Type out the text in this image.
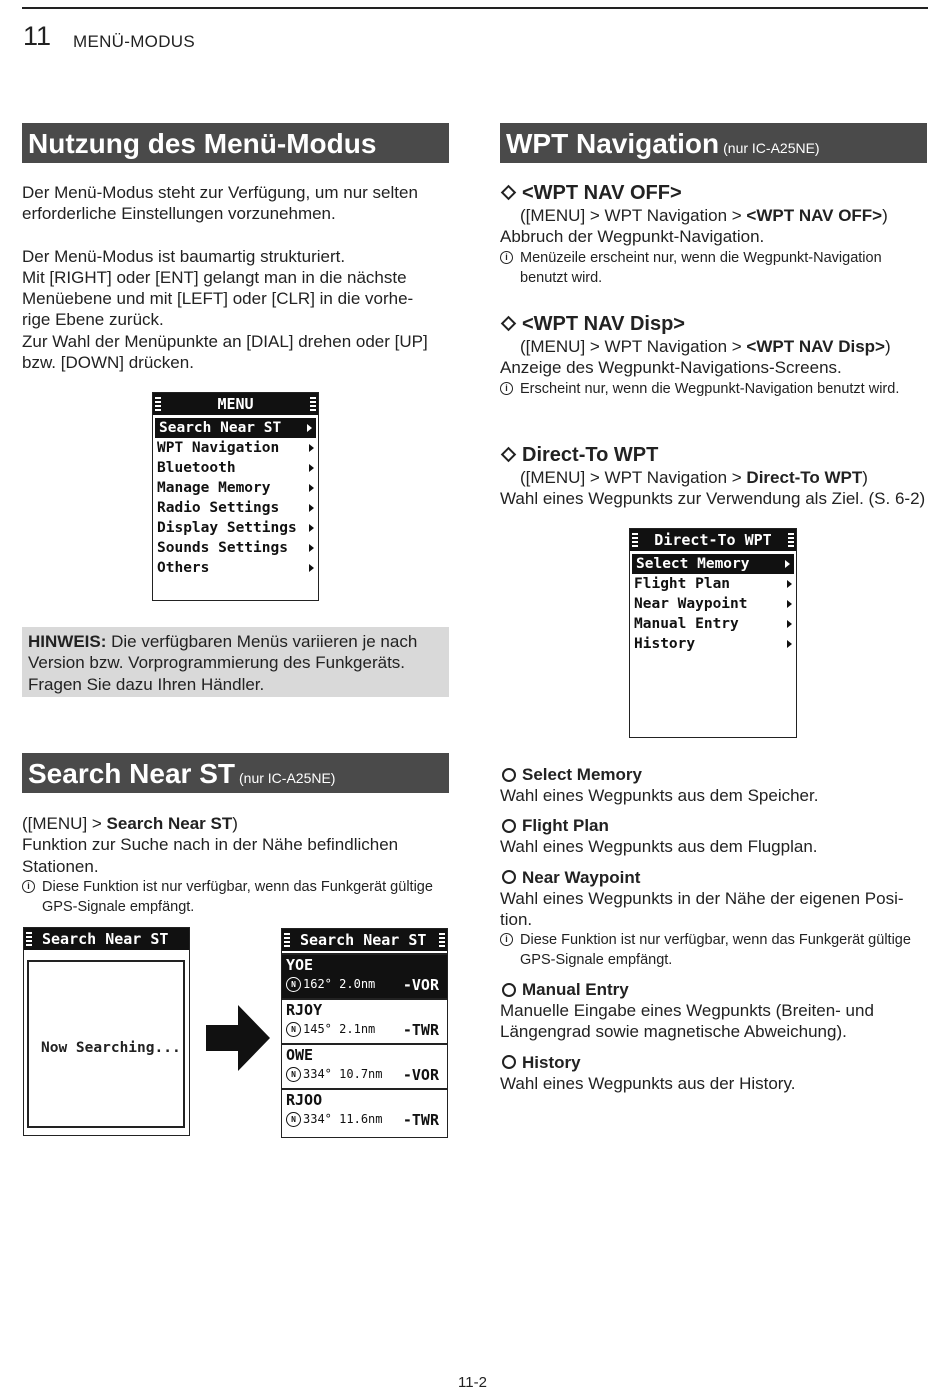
11 MENÜ-MODUS
Nutzung des Menü-Modus

Der Menü-Modus steht zur Verfügung, um nur selten erforderliche Einstellungen vorzunehmen.

Der Menü-Modus ist baumartig strukturiert.

Mit [RIGHT] oder [ENT] gelangt man in die nächste

Menüebene und mit [LEFT] oder [CLR] in die vorhe-

rige Ebene zurück.

Zur Wahl der Menüpunkte an [DIAL] drehen oder [UP]

bzw. [DOWN] drücken.

MENU
Search Near ST
WPT Navigation
Bluetooth
Manage Memory
Radio Settings
Display Settings
Sounds Settings
Others

HINWEIS: Die verfügbaren Menüs variieren je nach Version bzw. Vorprogrammierung des Funkgeräts. Fragen Sie dazu Ihren Händler.

Search Near ST (nur IC-A25NE)

([MENU] > Search Near ST)

Funktion zur Suche nach in der Nähe befindlichen Stationen.

i Diese Funktion ist nur verfügbar, wenn das Funkgerät gültige GPS-Signale empfängt.
Search Near ST
Now Searching...
Search Near ST
YOE
N 162° 2.0nm -VOR
RJOY
N 145° 2.1nm -TWR
OWE
N 334° 10.7nm -VOR
RJOO
N 334° 11.6nm -TWR
WPT Navigation (nur IC-A25NE)
<WPT NAV OFF>

([MENU] > WPT Navigation > <WPT NAV OFF>)

Abbruch der Wegpunkt-Navigation.

i Menüzeile erscheint nur, wenn die Wegpunkt-Navigation benutzt wird.
<WPT NAV Disp>

([MENU] > WPT Navigation > <WPT NAV Disp>)

Anzeige des Wegpunkt-Navigations-Screens.

i Erscheint nur, wenn die Wegpunkt-Navigation benutzt wird.
Direct-To WPT

([MENU] > WPT Navigation > Direct-To WPT)

Wahl eines Wegpunkts zur Verwendung als Ziel. (S. 6-2)

Direct-To WPT
Select Memory
Flight Plan
Near Waypoint
Manual Entry
History
Select Memory

Wahl eines Wegpunkts aus dem Speicher.

Flight Plan

Wahl eines Wegpunkts aus dem Flugplan.

Near Waypoint

Wahl eines Wegpunkts in der Nähe der eigenen Posi-tion.

i Diese Funktion ist nur verfügbar, wenn das Funkgerät gültige GPS-Signale empfängt.
Manual Entry

Manuelle Eingabe eines Wegpunkts (Breiten- und Längengrad sowie magnetische Abweichung).

History

Wahl eines Wegpunkts aus der History.

11-2
